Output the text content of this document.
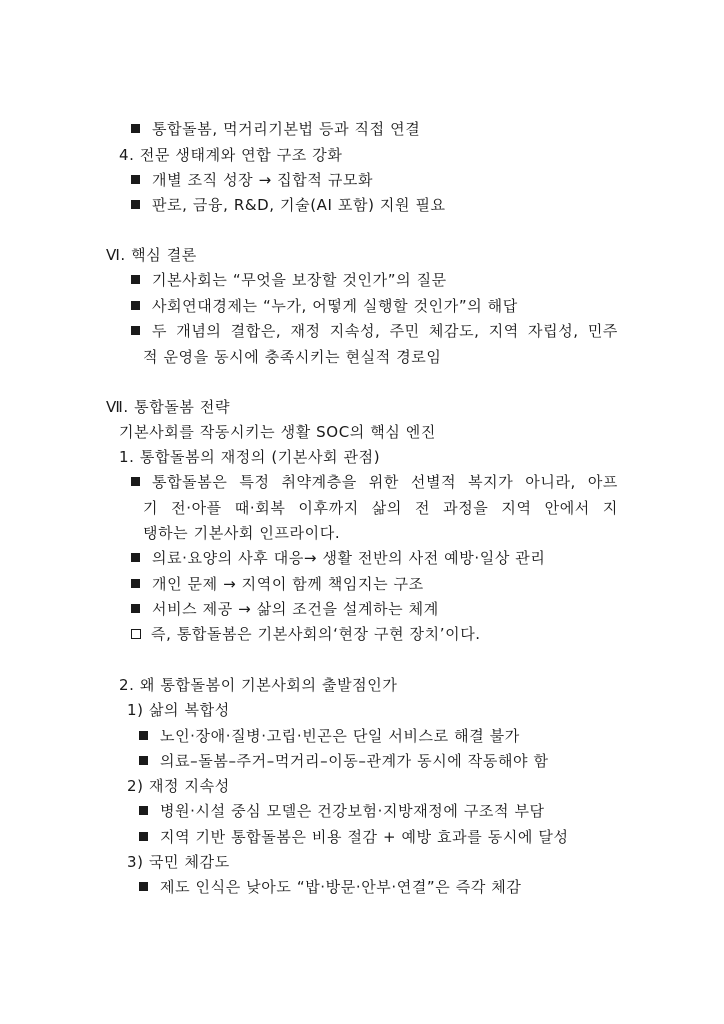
통합돌봄, 먹거리기본법 등과 직접 연결
4. 전문 생태계와 연합 구조 강화
개별 조직 성장 → 집합적 규모화
판로, 금융, R&D, 기술(AI 포함) 지원 필요
Ⅵ. 핵심 결론
기본사회는 “무엇을 보장할 것인가”의 질문
사회연대경제는 “누가, 어떻게 실행할 것인가”의 해답
두 개념의 결합은, 재정 지속성, 주민 체감도, 지역 자립성, 민주
적 운영을 동시에 충족시키는 현실적 경로임
Ⅶ. 통합돌봄 전략
기본사회를 작동시키는 생활 SOC의 핵심 엔진
1. 통합돌봄의 재정의 (기본사회 관점)
통합돌봄은 특정 취약계층을 위한 선별적 복지가 아니라, 아프
기 전·아플 때·회복 이후까지 삶의 전 과정을 지역 안에서 지
탱하는 기본사회 인프라이다.
의료·요양의 사후 대응→ 생활 전반의 사전 예방·일상 관리
개인 문제 → 지역이 함께 책임지는 구조
서비스 제공 → 삶의 조건을 설계하는 체계
즉, 통합돌봄은 기본사회의‘현장 구현 장치’이다.
2. 왜 통합돌봄이 기본사회의 출발점인가
1) 삶의 복합성
노인·장애·질병·고립·빈곤은 단일 서비스로 해결 불가
의료–돌봄–주거–먹거리–이동–관계가 동시에 작동해야 함
2) 재정 지속성
병원·시설 중심 모델은 건강보험·지방재정에 구조적 부담
지역 기반 통합돌봄은 비용 절감 + 예방 효과를 동시에 달성
3) 국민 체감도
제도 인식은 낮아도 “밥·방문·안부·연결”은 즉각 체감
